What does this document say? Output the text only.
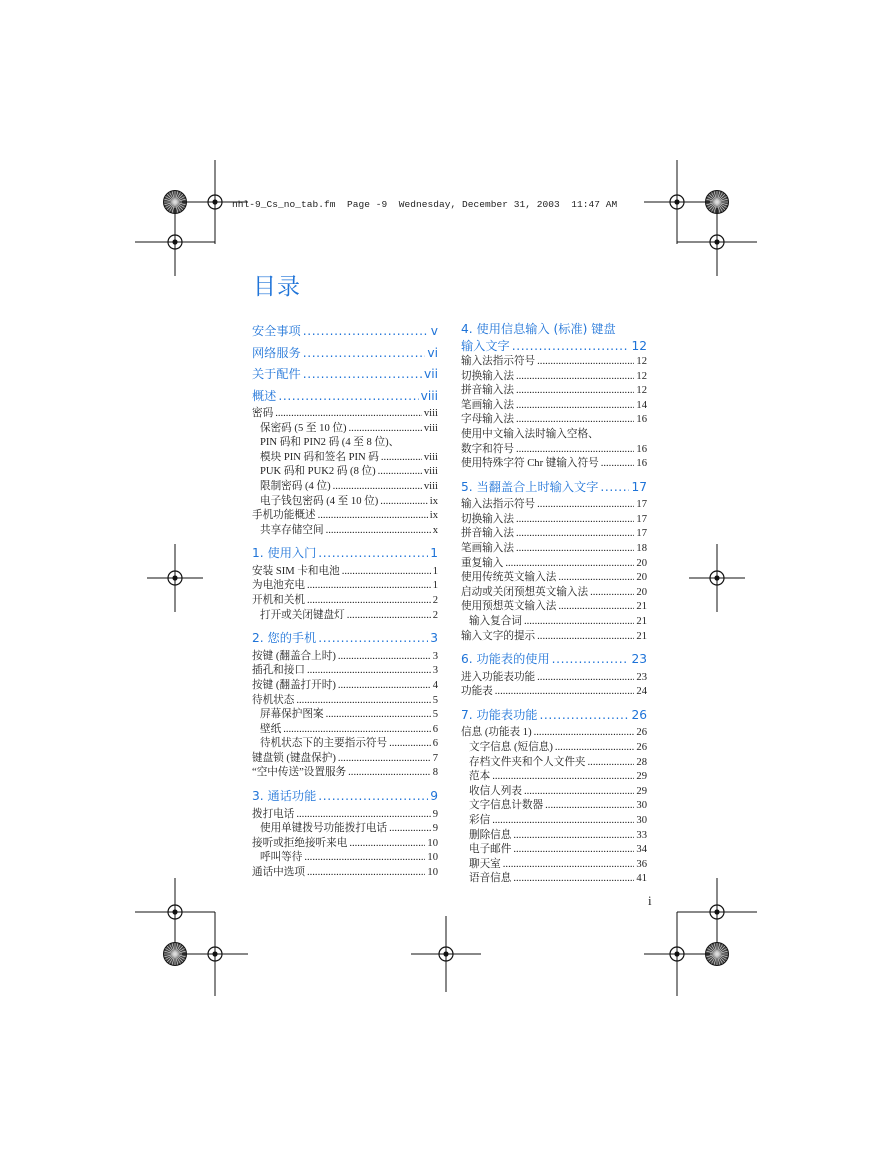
nhl-9_Cs_no_tab.fm  Page -9  Wednesday, December 31, 2003  11:47 AM
目录
安全事项 .....	v
网络服务 .....	vi
关于配件 .....	vii
概述 .....	viii
密码 .....	viii
保密码 (5 至 10 位) .....	viii
PIN 码和 PIN2 码 (4 至 8 位)、
模块 PIN 码和签名 PIN 码 .....	viii
PUK 码和 PUK2 码 (8 位) .....	viii
限制密码 (4 位) .....	viii
电子钱包密码 (4 至 10 位) .....	ix
手机功能概述 .....	ix
共享存储空间 .....	x
1. 使用入门 .....	1
安装 SIM 卡和电池 .....	1
为电池充电 .....	1
开机和关机 .....	2
打开或关闭键盘灯 .....	2
2. 您的手机 .....	3
按键 (翻盖合上时) .....	3
插孔和接口 .....	3
按键 (翻盖打开时) .....	4
待机状态 .....	5
屏幕保护图案 .....	5
壁纸 .....	6
待机状态下的主要指示符号 .....	6
键盘锁 (键盘保护) .....	7
“空中传送”设置服务 .....	8
3. 通话功能 .....	9
拨打电话 .....	9
使用单键拨号功能拨打电话 .....	9
接听或拒绝接听来电 .....	10
呼叫等待 .....	10
通话中选项 .....	10
4. 使用信息输入 (标准) 键盘
输入文字 .....	12
输入法指示符号 .....	12
切换输入法 .....	12
拼音输入法 .....	12
笔画输入法 .....	14
字母输入法 .....	16
使用中文输入法时输入空格、
数字和符号 .....	16
使用特殊字符 Chr 键输入符号 .....	16
5. 当翻盖合上时输入文字 .....	17
输入法指示符号 .....	17
切换输入法 .....	17
拼音输入法 .....	17
笔画输入法 .....	18
重复输入 .....	20
使用传统英文输入法 .....	20
启动或关闭预想英文输入法 .....	20
使用预想英文输入法 .....	21
输入复合词 .....	21
输入文字的提示 .....	21
6. 功能表的使用 .....	23
进入功能表功能 .....	23
功能表 .....	24
7. 功能表功能 .....	26
信息 (功能表 1) .....	26
文字信息 (短信息) .....	26
存档文件夹和个人文件夹 .....	28
范本 .....	29
收信人列表 .....	29
文字信息计数器 .....	30
彩信 .....	30
删除信息 .....	33
电子邮件 .....	34
聊天室 .....	36
语音信息 .....	41
i
